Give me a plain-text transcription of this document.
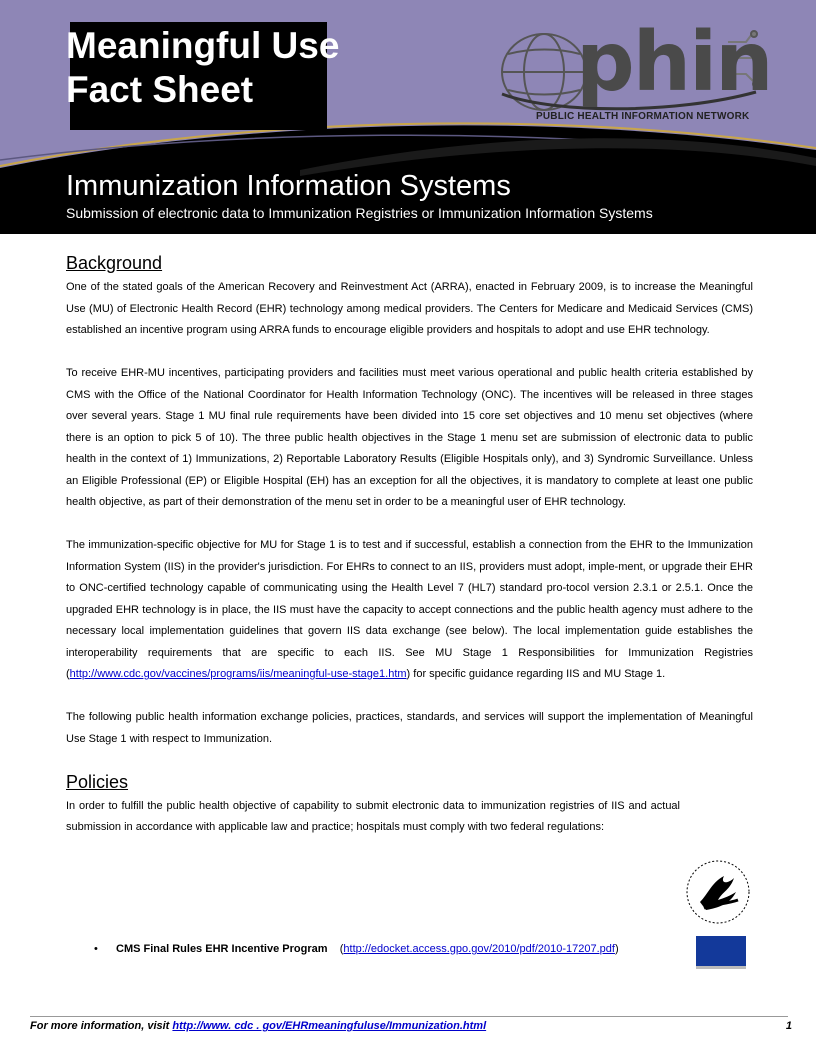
Meaningful Use
Fact Sheet	phin
PUBLIC HEALTH INFORMATION NETWORK
Immunization Information Systems
Submission of electronic data to Immunization Registries or Immunization Information Systems
Background

One of the stated goals of the American Recovery and Reinvestment Act (ARRA), enacted in February 2009, is to increase the Meaningful Use (MU) of Electronic Health Record (EHR) technology among medical providers. The Centers for Medicare and Medicaid Services (CMS) established an incentive program using ARRA funds to encourage eligible providers and hospitals to adopt and use EHR technology.

To receive EHR-MU incentives, participating providers and facilities must meet various operational and public health criteria established by CMS with the Office of the National Coordinator for Health Information Technology (ONC). The incentives will be released in three stages over several years. Stage 1 MU final rule requirements have been divided into 15 core set objectives and 10 menu set objectives (where there is an option to pick 5 of 10). The three public health objectives in the Stage 1 menu set are submission of electronic data to public health in the context of 1) Immunizations, 2) Reportable Laboratory Results (Eligible Hospitals only), and 3) Syndromic Surveillance. Unless an Eligible Professional (EP) or Eligible Hospital (EH) has an exception for all the objectives, it is mandatory to complete at least one public health objective, as part of their demonstration of the menu set in order to be a meaningful user of EHR technology.

The immunization-specific objective for MU for Stage 1 is to test and if successful, establish a connection from the EHR to the Immunization Information System (IIS) in the provider's jurisdiction. For EHRs to connect to an IIS, providers must adopt, imple-ment, or upgrade their EHR to ONC-certified technology capable of communicating using the Health Level 7 (HL7) standard pro-tocol version 2.3.1 or 2.5.1. Once the upgraded EHR technology is in place, the IIS must have the capacity to accept connections and the public health agency must adhere to the necessary local implementation guidelines that govern IIS data exchange (see below). The local implementation guide establishes the interoperability requirements that are specific to each IIS. See MU Stage 1 Responsibilities for Immunization Registries (http://www.cdc.gov/vaccines/programs/iis/meaningful-use-stage1.htm) for specific guidance regarding IIS and MU Stage 1.

The following public health information exchange policies, practices, standards, and services will support the implementation of Meaningful Use Stage 1 with respect to Immunization.

Policies

In order to fulfill the public health objective of capability to submit electronic data to immunization registries of IIS and actual submission in accordance with applicable law and practice; hospitals must comply with two federal regulations:

• CMS Final Rules EHR Incentive Program (http://edocket.access.gpo.gov/2010/pdf/2010-17207.pdf)
For more information, visit http://www. cdc . gov/EHRmeaningfuluse/Immunization.html	1
